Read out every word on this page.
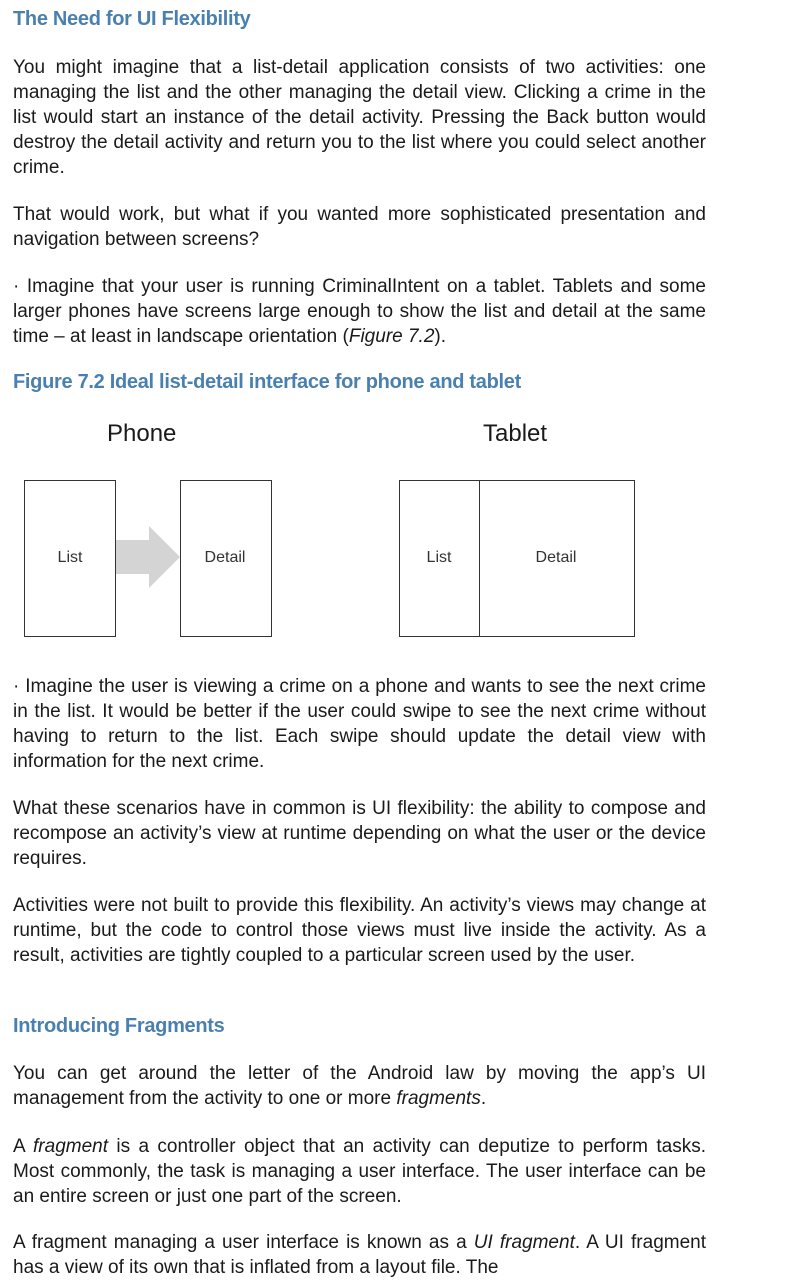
The Need for UI Flexibility

You might imagine that a list-detail application consists of two activities: one managing the list and the other managing the detail view. Clicking a crime in the list would start an instance of the detail activity. Pressing the Back button would destroy the detail activity and return you to the list where you could select another crime.

That would work, but what if you wanted more sophisticated presentation and navigation between screens?

· Imagine that your user is running CriminalIntent on a tablet. Tablets and some larger phones have screens large enough to show the list and detail at the same time – at least in landscape orientation (Figure 7.2).

Figure 7.2 Ideal list-detail interface for phone and tablet
Phone	Tablet
List	Detail	List	Detail

· Imagine the user is viewing a crime on a phone and wants to see the next crime in the list. It would be better if the user could swipe to see the next crime without having to return to the list. Each swipe should update the detail view with information for the next crime.

What these scenarios have in common is UI flexibility: the ability to compose and recompose an activity’s view at runtime depending on what the user or the device requires.

Activities were not built to provide this flexibility. An activity’s views may change at runtime, but the code to control those views must live inside the activity. As a result, activities are tightly coupled to a particular screen used by the user.

Introducing Fragments

You can get around the letter of the Android law by moving the app’s UI management from the activity to one or more fragments.

A fragment is a controller object that an activity can deputize to perform tasks. Most commonly, the task is managing a user interface. The user interface can be an entire screen or just one part of the screen.

A fragment managing a user interface is known as a UI fragment. A UI fragment has a view of its own that is inflated from a layout file. The
